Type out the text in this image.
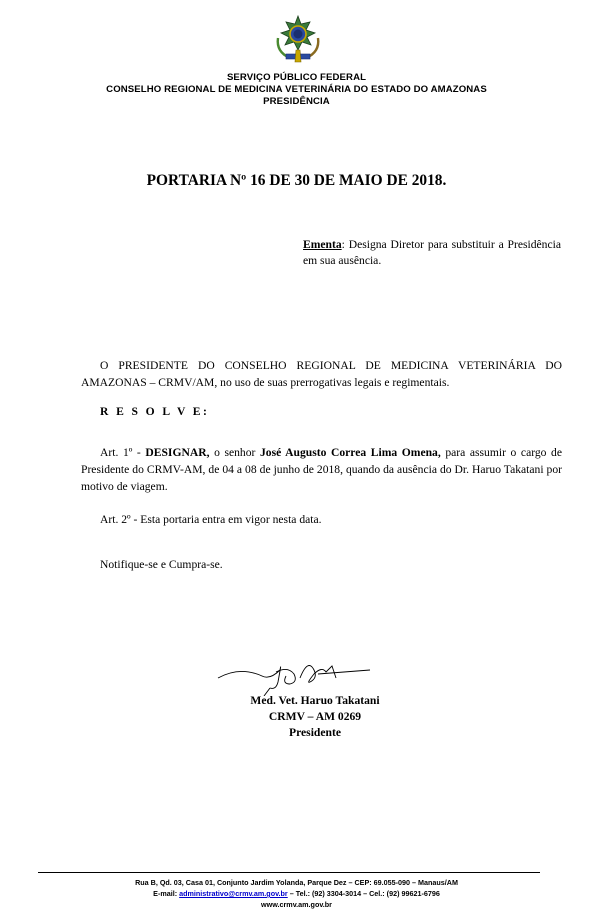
SERVIÇO PÚBLICO FEDERAL
CONSELHO REGIONAL DE MEDICINA VETERINÁRIA DO ESTADO DO AMAZONAS
PRESIDÊNCIA
PORTARIA Nº 16 DE 30 DE MAIO DE 2018.
Ementa: Designa Diretor para substituir a Presidência em sua ausência.
O PRESIDENTE DO CONSELHO REGIONAL DE MEDICINA VETERINÁRIA DO AMAZONAS – CRMV/AM, no uso de suas prerrogativas legais e regimentais.
R E S O L V E:
Art. 1º - DESIGNAR, o senhor José Augusto Correa Lima Omena, para assumir o cargo de Presidente do CRMV-AM, de 04 a 08 de junho de 2018, quando da ausência do Dr. Haruo Takatani por motivo de viagem.
Art. 2º - Esta portaria entra em vigor nesta data.
Notifique-se e Cumpra-se.
Med. Vet. Haruo Takatani
CRMV – AM 0269
Presidente
Rua B, Qd. 03, Casa 01, Conjunto Jardim Yolanda, Parque Dez – CEP: 69.055-090 – Manaus/AM
E-mail: administrativo@crmv.am.gov.br – Tel.: (92) 3304-3014 – Cel.: (92) 99621-6796
www.crmv.am.gov.br
